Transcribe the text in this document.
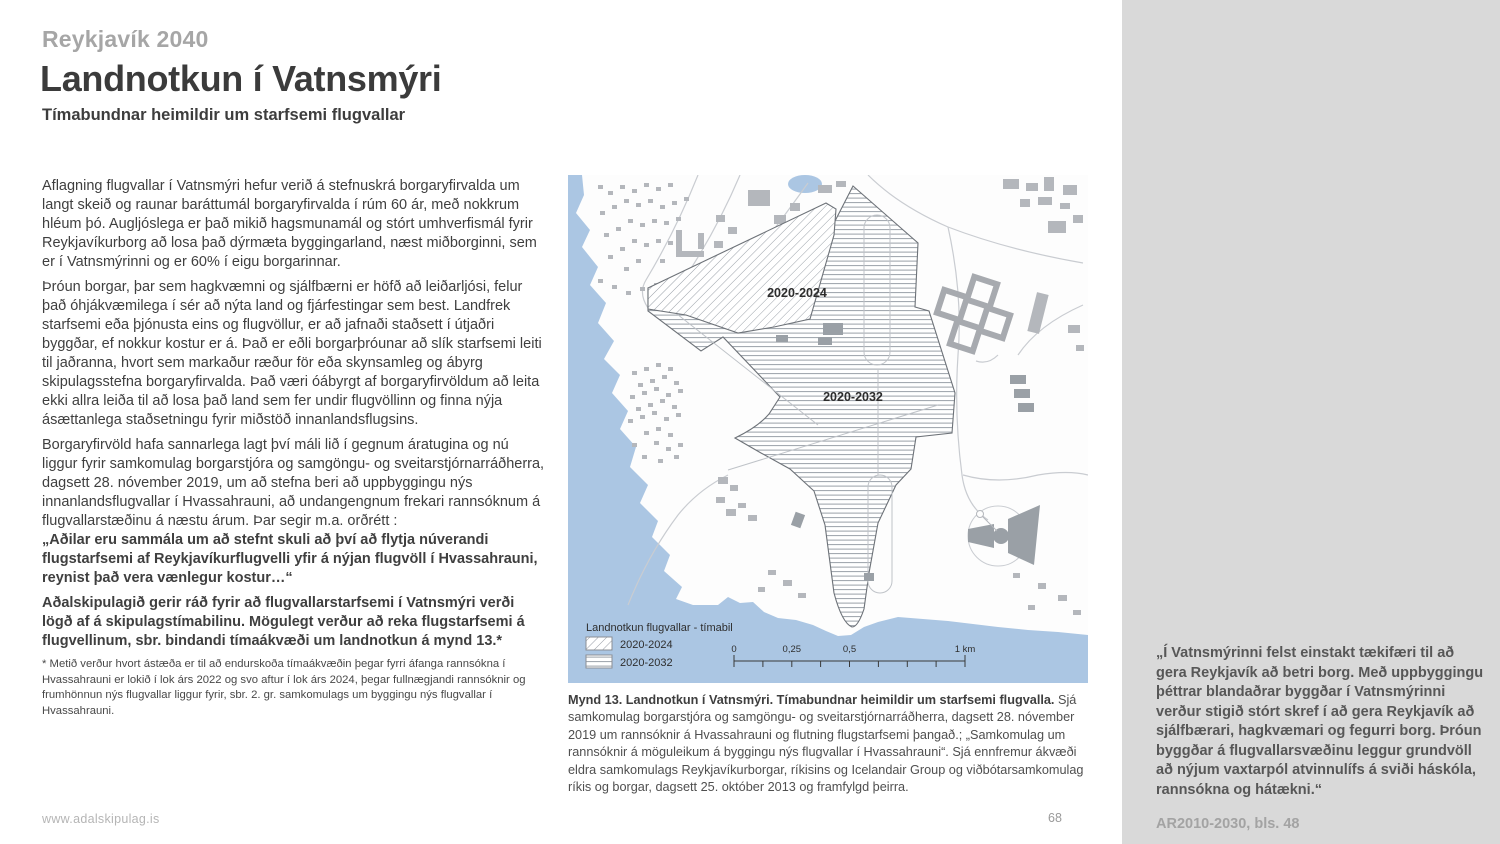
Reykjavík 2040
Landnotkun í Vatnsmýri
Tímabundnar heimildir um starfsemi flugvallar

Aflagning flugvallar í Vatnsmýri hefur verið á stefnuskrá borgaryfirvalda um langt skeið og raunar baráttumál borgaryfirvalda í rúm 60 ár, með nokkrum hléum þó. Augljóslega er það mikið hagsmunamál og stórt umhverfismál fyrir Reykjavíkurborg að losa það dýrmæta byggingarland, næst miðborginni, sem er í Vatnsmýrinni og er 60% í eigu borgarinnar.

Þróun borgar, þar sem hagkvæmni og sjálfbærni er höfð að leiðarljósi, felur það óhjákvæmilega í sér að nýta land og fjárfestingar sem best. Landfrek starfsemi eða þjónusta eins og flugvöllur, er að jafnaði staðsett í útjaðri byggðar, ef nokkur kostur er á. Það er eðli borgarþróunar að slík starfsemi leiti til jaðranna, hvort sem markaður ræður för eða skynsamleg og ábyrg skipulagsstefna borgaryfirvalda. Það væri óábyrgt af borgaryfirvöldum að leita ekki allra leiða til að losa það land sem fer undir flugvöllinn og finna nýja ásættanlega staðsetningu fyrir miðstöð innanlandsflugsins.

Borgaryfirvöld hafa sannarlega lagt því máli lið í gegnum áratugina og nú liggur fyrir samkomulag borgarstjóra og samgöngu- og sveitarstjórnarráðherra, dagsett 28. nóvember 2019, um að stefna beri að uppbyggingu nýs innanlandsflugvallar í Hvassahrauni, að undangengnum frekari rannsóknum á flugvallarstæðinu á næstu árum. Þar segir m.a. orðrétt :

„Aðilar eru sammála um að stefnt skuli að því að flytja núverandi flugstarfsemi af Reykjavíkurflugvelli yfir á nýjan flugvöll í Hvassahrauni, reynist það vera vænlegur kostur…“

Aðalskipulagið gerir ráð fyrir að flugvallarstarfsemi í Vatnsmýri verði lögð af á skipulagstímabilinu. Mögulegt verður að reka flugstarfsemi á flugvellinum, sbr. bindandi tímaákvæði um landnotkun á mynd 13.*

* Metið verður hvort ástæða er til að endurskoða tímaákvæðin þegar fyrri áfanga rannsókna í Hvassahrauni er lokið í lok árs 2022 og svo aftur í lok árs 2024, þegar fullnægjandi rannsóknir og frumhönnun nýs flugvallar liggur fyrir, sbr. 2. gr. samkomulags um byggingu nýs flugvallar í Hvassahrauni.

2020-2024
2020-2032
Landnotkun flugvallar - tímabil
2020-2024
2020-2032
0	0,25	0,5	1 km
Mynd 13. Landnotkun í Vatnsmýri. Tímabundnar heimildir um starfsemi flugvalla. Sjá samkomulag borgarstjóra og samgöngu- og sveitarstjórnarráðherra, dagsett 28. nóvember 2019 um rannsóknir á Hvassahrauni og flutning flugstarfsemi þangað.; „Samkomulag um rannsóknir á möguleikum á byggingu nýs flugvallar í Hvassahrauni“. Sjá ennfremur ákvæði eldra samkomulags Reykjavíkurborgar, ríkisins og Icelandair Group og viðbótarsamkomulag ríkis og borgar, dagsett 25. október 2013 og framfylgd þeirra.
„Í Vatnsmýrinni felst einstakt tækifæri til að gera Reykjavík að betri borg. Með uppbyggingu þéttrar blandaðrar byggðar í Vatnsmýrinni verður stigið stórt skref í að gera Reykjavík að sjálfbærari, hagkvæmari og fegurri borg. Þróun byggðar á flugvallarsvæðinu leggur grundvöll að nýjum vaxtarpól atvinnulífs á sviði háskóla, rannsókna og hátækni.“
AR2010-2030, bls. 48
www.adalskipulag.is	68
